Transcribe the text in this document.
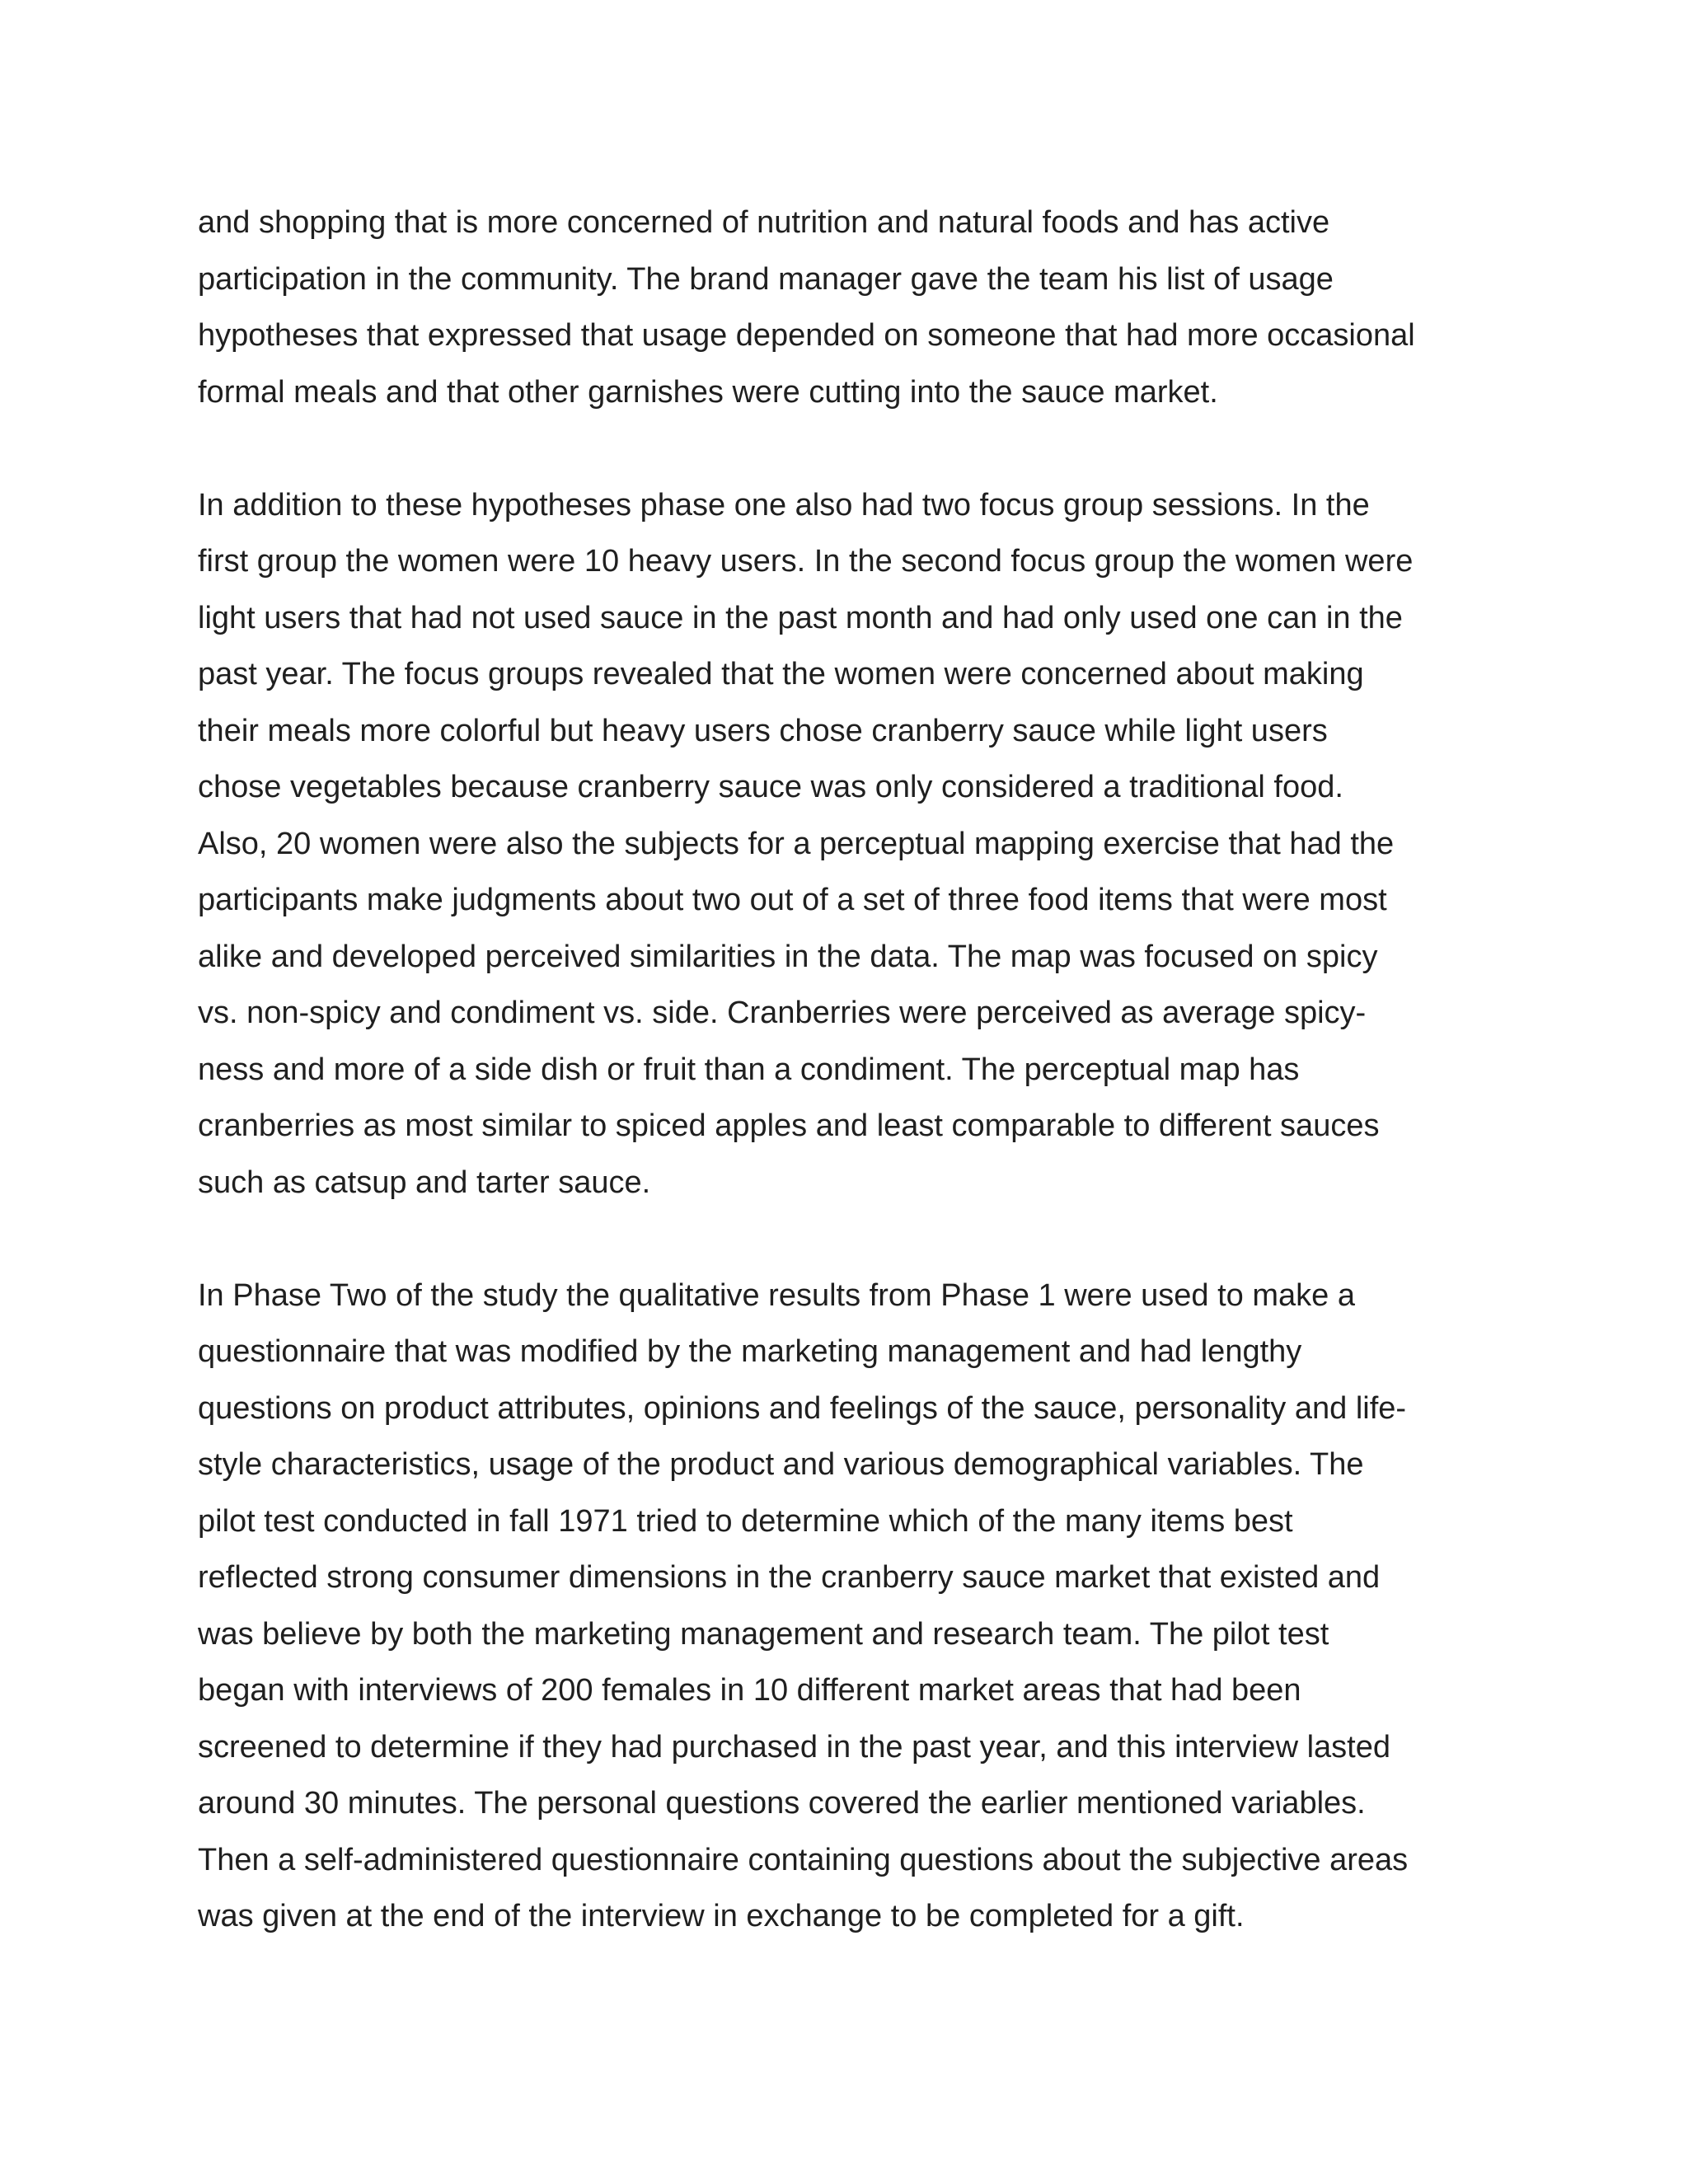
and shopping that is more concerned of nutrition and natural foods and has active
participation in the community. The brand manager gave the team his list of usage
hypotheses that expressed that usage depended on someone that had more occasional
formal meals and that other garnishes were cutting into the sauce market.

In addition to these hypotheses phase one also had two focus group sessions. In the
first group the women were 10 heavy users. In the second focus group the women were
light users that had not used sauce in the past month and had only used one can in the
past year. The focus groups revealed that the women were concerned about making
their meals more colorful but heavy users chose cranberry sauce while light users
chose vegetables because cranberry sauce was only considered a traditional food.
Also, 20 women were also the subjects for a perceptual mapping exercise that had the
participants make judgments about two out of a set of three food items that were most
alike and developed perceived similarities in the data. The map was focused on spicy
vs. non-spicy and condiment vs. side. Cranberries were perceived as average spicy-
ness and more of a side dish or fruit than a condiment. The perceptual map has
cranberries as most similar to spiced apples and least comparable to different sauces
such as catsup and tarter sauce.

In Phase Two of the study the qualitative results from Phase 1 were used to make a
questionnaire that was modified by the marketing management and had lengthy
questions on product attributes, opinions and feelings of the sauce, personality and life-
style characteristics, usage of the product and various demographical variables. The
pilot test conducted in fall 1971 tried to determine which of the many items best
reflected strong consumer dimensions in the cranberry sauce market that existed and
was believe by both the marketing management and research team. The pilot test
began with interviews of 200 females in 10 different market areas that had been
screened to determine if they had purchased in the past year, and this interview lasted
around 30 minutes. The personal questions covered the earlier mentioned variables.
Then a self-administered questionnaire containing questions about the subjective areas
was given at the end of the interview in exchange to be completed for a gift.
